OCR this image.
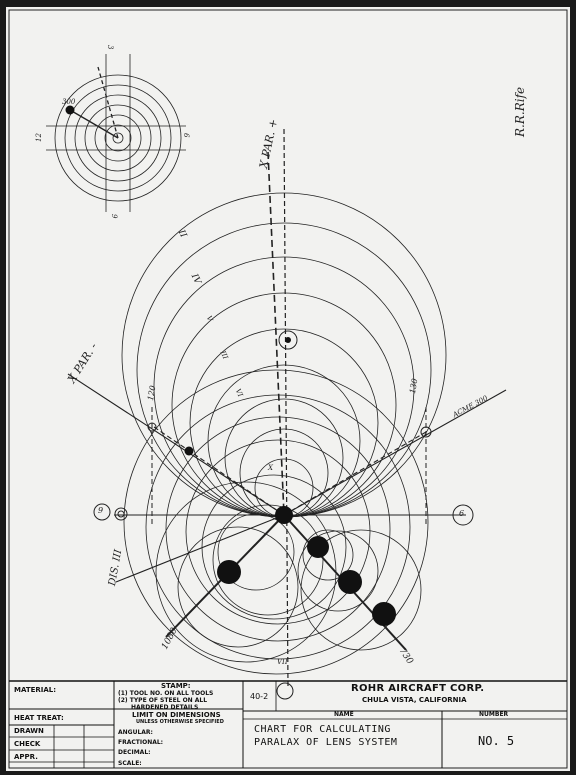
R.R.Rife
X PAR. +
X PAR. -
DIS. III
120	130
ACME 300
1080
730
300
12
3
6
9
II
IV
V
III
VI
VII
X
9	6
MATERIAL:	STAMP:
(1) TOOL NO. ON ALL TOOLS
(2) TYPE OF STEEL ON ALL
HARDENED DETAILS
40-2
ROHR AIRCRAFT CORP.
CHULA VISTA, CALIFORNIA
NAME	NUMBER
HEAT TREAT:	LIMIT ON DIMENSIONS
UNLESS OTHERWISE SPECIFIED
ANGULAR:
FRACTIONAL:
DECIMAL:
SCALE:
DRAWN
CHECK
APPR.
CHART FOR CALCULATING
PARALAX OF LENS SYSTEM	NO. 5
